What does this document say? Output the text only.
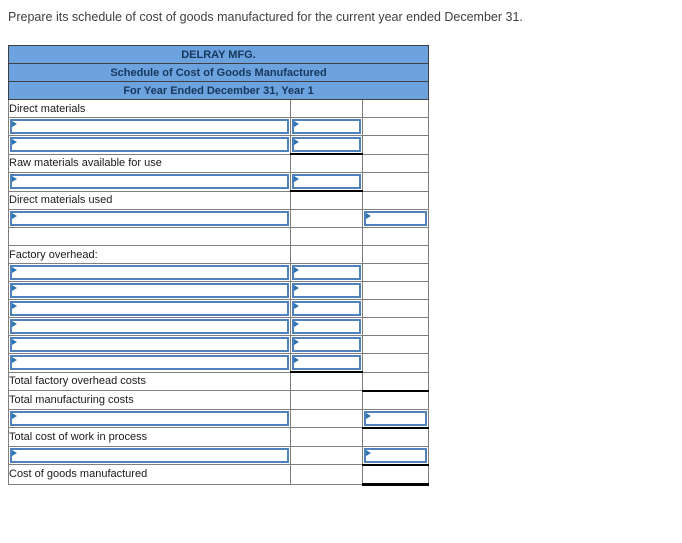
Prepare its schedule of cost of goods manufactured for the current year ended December 31.
DELRAY MFG.		
Schedule of Cost of Goods Manufactured		
For Year Ended December 31, Year 1		
Direct materials		

Raw materials available for use		

Direct materials used		

Factory overhead:		

Total factory overhead costs		
Total manufacturing costs		

Total cost of work in process		

Cost of goods manufactured		
